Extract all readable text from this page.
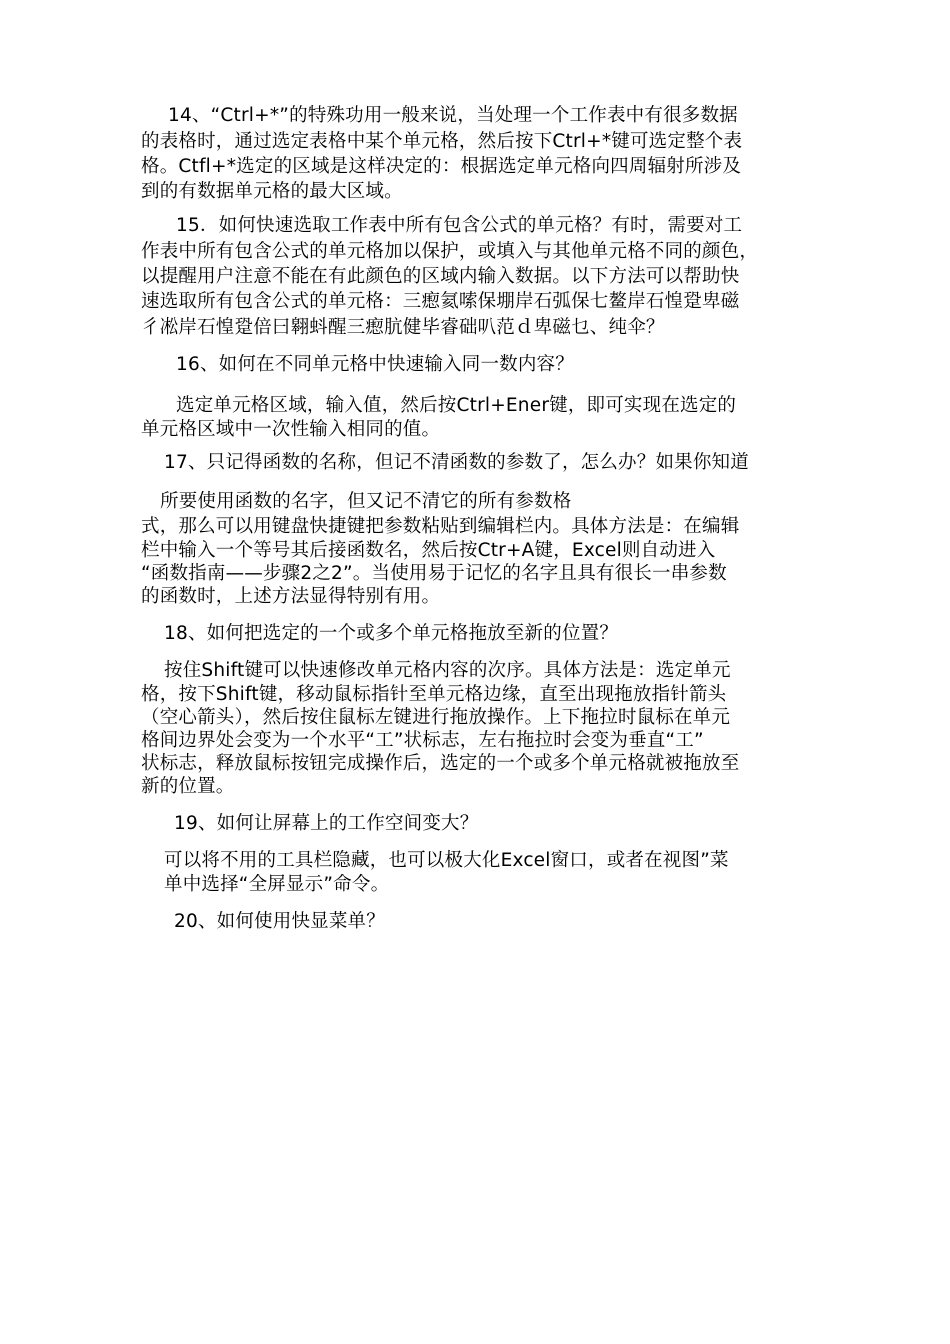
14、“Ctrl+*”的特殊功用一般来说，当处理一个工作表中有很多数据
的表格时，通过选定表格中某个单元格，然后按下Ctrl+*键可选定整个表
格。Ctfl+*选定的区域是这样决定的：根据选定单元格向四周辐射所涉及
到的有数据单元格的最大区域。
15．如何快速选取工作表中所有包含公式的单元格？有时，需要对工
作表中所有包含公式的单元格加以保护，或填入与其他单元格不同的颜色，
以提醒用户注意不能在有此颜色的区域内输入数据。以下方法可以帮助快
速选取所有包含公式的单元格：三瘛氦嗦保堋岸石弧保七鳌岸石惶跫卑磁
彳凇岸石惶跫倍曰翱蚪醒三瘛肮健毕睿础叭范ｄ卑磁乜、纯伞？
16、如何在不同单元格中快速输入同一数内容？
选定单元格区域，输入值，然后按Ctrl+Ener键，即可实现在选定的
单元格区域中一次性输入相同的值。
17、只记得函数的名称，但记不清函数的参数了，怎么办？如果你知道
所要使用函数的名字，但又记不清它的所有参数格
式，那么可以用键盘快捷键把参数粘贴到编辑栏内。具体方法是：在编辑
栏中输入一个等号其后接函数名，然后按Ctr+A键，Excel则自动进入
“函数指南——步骤2之2”。当使用易于记忆的名字且具有很长一串参数
的函数时，上述方法显得特别有用。
18、如何把选定的一个或多个单元格拖放至新的位置？
按住Shift键可以快速修改单元格内容的次序。具体方法是：选定单元
格，按下Shift键，移动鼠标指针至单元格边缘，直至出现拖放指针箭头
（空心箭头），然后按住鼠标左键进行拖放操作。上下拖拉时鼠标在单元
格间边界处会变为一个水平“工”状标志，左右拖拉时会变为垂直“工”
状标志，释放鼠标按钮完成操作后，选定的一个或多个单元格就被拖放至
新的位置。
19、如何让屏幕上的工作空间变大？
可以将不用的工具栏隐藏，也可以极大化Excel窗口，或者在视图”菜
单中选择“全屏显示”命令。
20、如何使用快显菜单？
